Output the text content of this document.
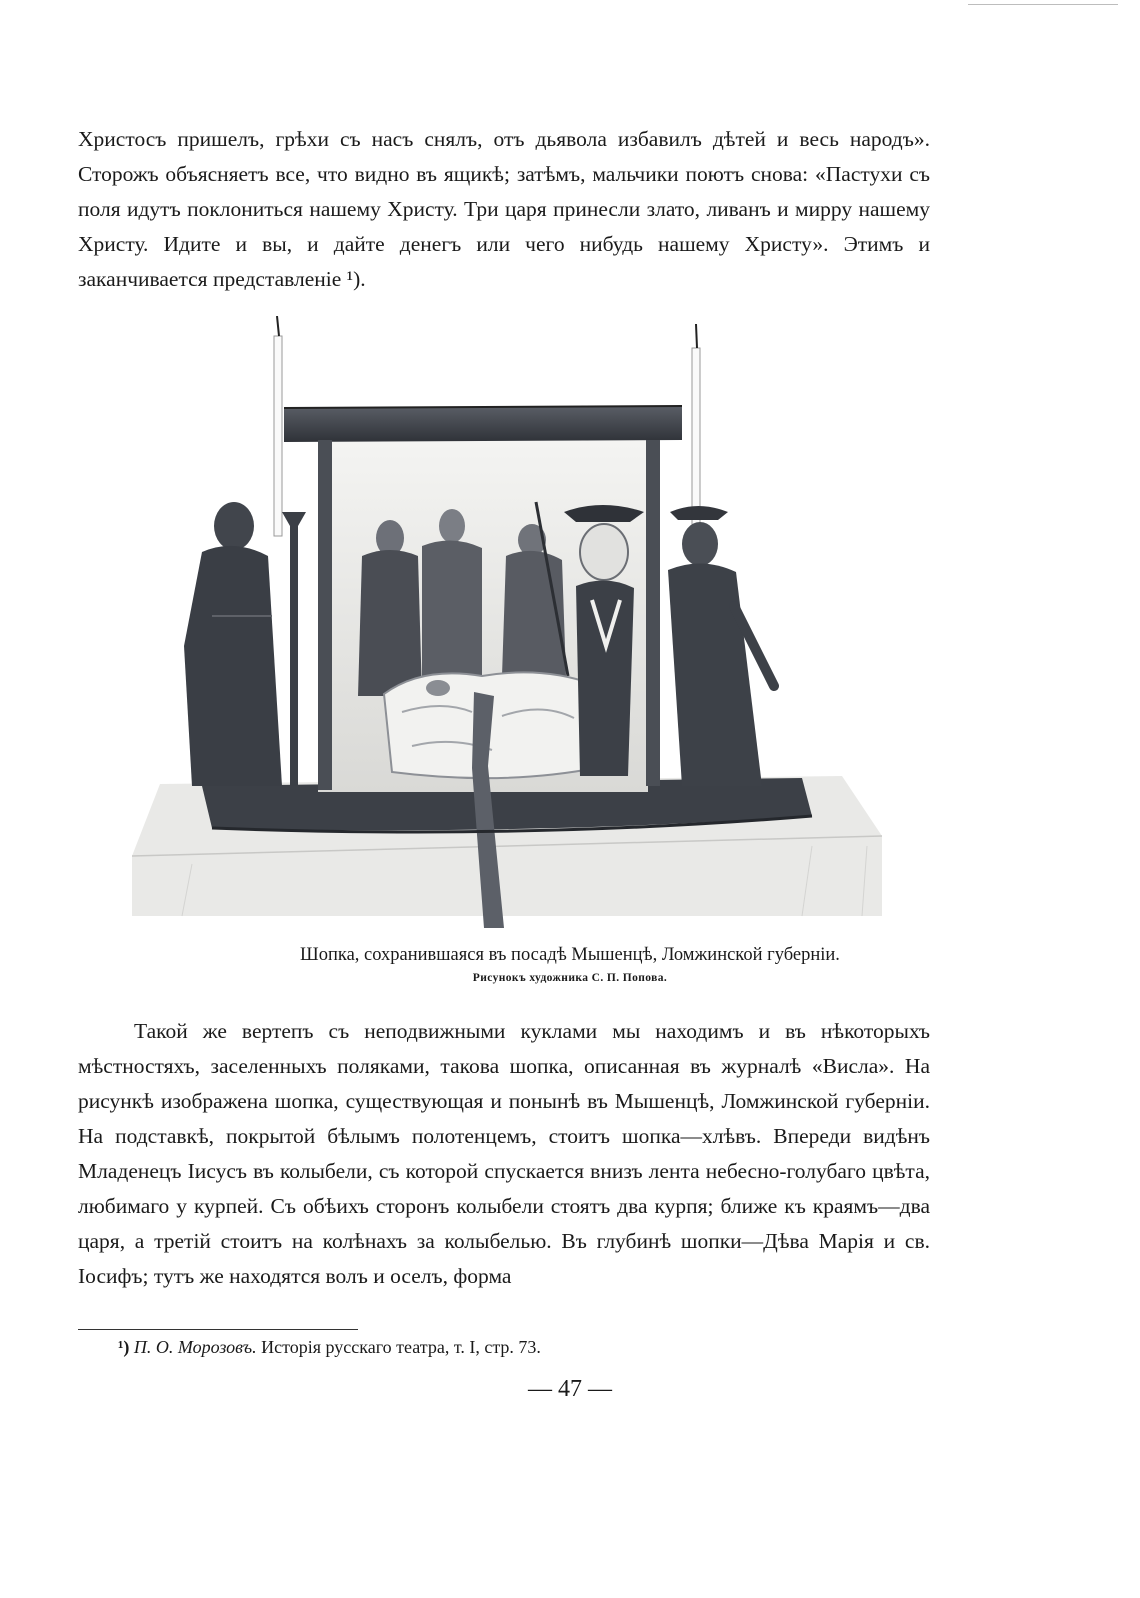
Христосъ пришелъ, грѣхи съ насъ снялъ, отъ дьявола избавилъ дѣтей и весь народъ». Сторожъ объясняетъ все, что видно въ ящикѣ; затѣмъ, мальчики поютъ снова: «Пастухи съ поля идутъ поклониться нашему Христу. Три царя принесли злато, ливанъ и мирру нашему Христу. Идите и вы, и дайте денегъ или чего нибудь нашему Христу». Этимъ и заканчивается представленіе ¹).

Шопка, сохранившаяся въ посадѣ Мышенцѣ, Ломжинской губерніи.

Рисунокъ художника С. П. Попова.

Такой же вертепъ съ неподвижными куклами мы находимъ и въ нѣкоторыхъ мѣстностяхъ, заселенныхъ поляками, такова шопка, описанная въ журналѣ «Висла». На рисункѣ изображена шопка, существующая и понынѣ въ Мышенцѣ, Ломжинской губерніи. На подставкѣ, покрытой бѣлымъ полотенцемъ, стоитъ шопка—хлѣвъ. Впереди видѣнъ Младенецъ Іисусъ въ колыбели, съ которой спускается внизъ лента небесно-голубаго цвѣта, любимаго у курпей. Съ обѣихъ сторонъ колыбели стоятъ два курпя; ближе къ краямъ—два царя, а третій стоитъ на колѣнахъ за колыбелью. Въ глубинѣ шопки—Дѣва Марія и св. Іосифъ; тутъ же находятся волъ и оселъ, форма

¹) П. О. Морозовъ. Исторія русскаго театра, т. I, стр. 73.

— 47 —
